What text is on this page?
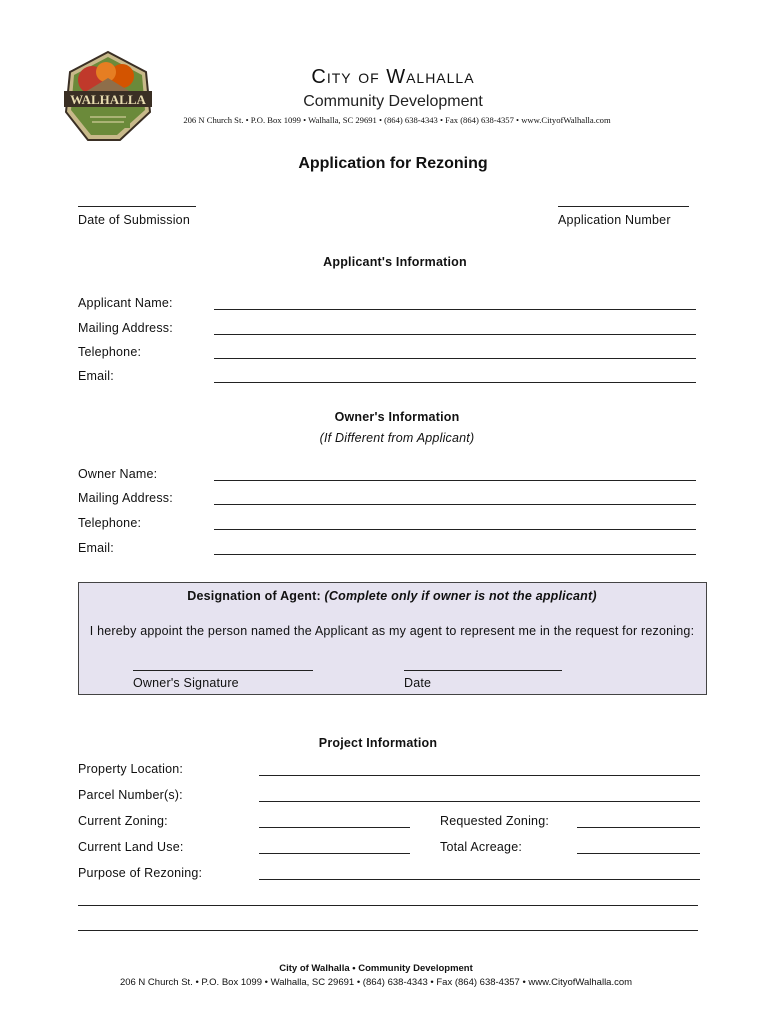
WALHALLA
City of Walhalla
Community Development
206 N Church St. • P.O. Box 1099 • Walhalla, SC 29691 • (864) 638-4343 • Fax (864) 638-4357 • www.CityofWalhalla.com
Application for Rezoning
Date of Submission	Application Number
Applicant's Information
Applicant Name:
Mailing Address:
Telephone:
Email:
Owner's Information
(If Different from Applicant)
Owner Name:
Mailing Address:
Telephone:
Email:
Designation of Agent: (Complete only if owner is not the applicant)
I hereby appoint the person named the Applicant as my agent to represent me in the request for rezoning:
Owner's Signature	Date
Project Information
Property Location:
Parcel Number(s):
Current Zoning:	Requested Zoning:
Current Land Use:	Total Acreage:
Purpose of Rezoning:
City of Walhalla • Community Development
206 N Church St. • P.O. Box 1099 • Walhalla, SC 29691 • (864) 638-4343 • Fax (864) 638-4357 • www.CityofWalhalla.com
